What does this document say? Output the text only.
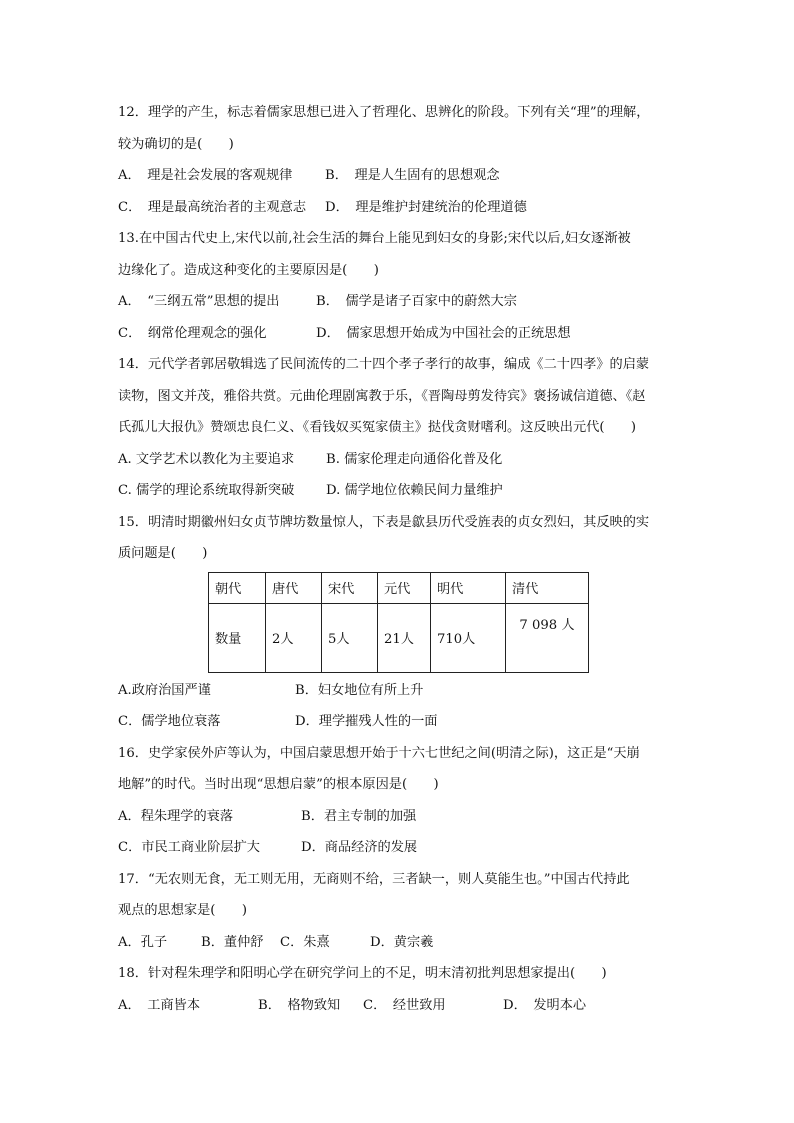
12．理学的产生，标志着儒家思想已进入了哲理化、思辨化的阶段。下列有关“理”的理解，
较为确切的是(　　)
A．　理是社会发展的客观规律 B．　理是人生固有的思想观念
C．　理是最高统治者的主观意志 D．　理是维护封建统治的伦理道德
13.在中国古代史上,宋代以前,社会生活的舞台上能见到妇女的身影;宋代以后,妇女逐渐被
边缘化了。造成这种变化的主要原因是(　　)
A．　“三纲五常”思想的提出	B．　儒学是诸子百家中的蔚然大宗
C．　纲常伦理观念的强化	D．　儒家思想开始成为中国社会的正统思想
14．元代学者郭居敬辑选了民间流传的二十四个孝子孝行的故事，编成《二十四孝》的启蒙
读物，图文并茂，雅俗共赏。元曲伦理剧寓教于乐，《晋陶母剪发待宾》褒扬诚信道德、《赵
氏孤儿大报仇》赞颂忠良仁义、《看钱奴买冤家债主》挞伐贪财嗜利。这反映出元代(　　)
A. 文学艺术以教化为主要追求 B. 儒家伦理走向通俗化普及化
C. 儒学的理论系统取得新突破 D. 儒学地位依赖民间力量维护
15．明清时期徽州妇女贞节牌坊数量惊人，下表是歙县历代受旌表的贞女烈妇，其反映的实
质问题是(　　)
朝代	唐代	宋代	元代	明代	清代
数量	2人	5人	21人	710人	7 098 人
A.政府治国严谨	B．妇女地位有所上升
C．儒学地位衰落	D．理学摧残人性的一面
16．史学家侯外庐等认为，中国启蒙思想开始于十六七世纪之间(明清之际)，这正是“天崩
地解”的时代。当时出现“思想启蒙”的根本原因是(　　)
A．程朱理学的衰落	B．君主专制的加强
C．市民工商业阶层扩大	D．商品经济的发展
17．“无农则无食，无工则无用，无商则不给，三者缺一，则人莫能生也。”中国古代持此
观点的思想家是(　　)
A．孔子	B．董仲舒 C．朱熹	D．黄宗羲
18．针对程朱理学和阳明心学在研究学问上的不足，明末清初批判思想家提出(　　)
A．　工商皆本	B．　格物致知 C．　经世致用	D．　发明本心
